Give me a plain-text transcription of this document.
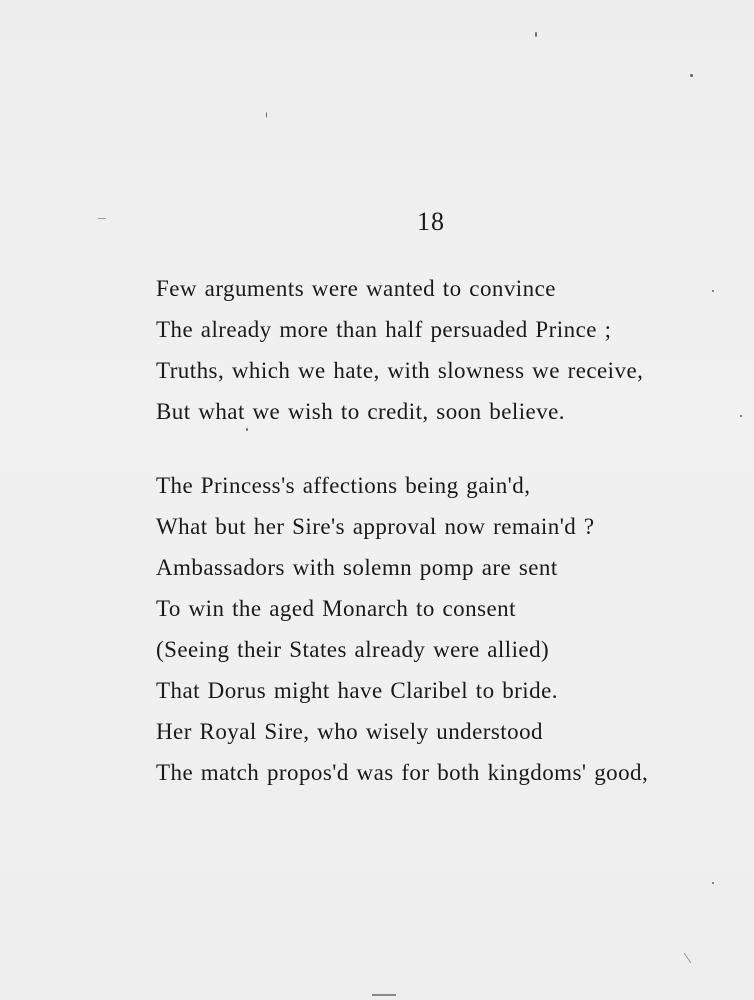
18
Few arguments were wanted to convince
The already more than half persuaded Prince ;
Truths, which we hate, with slowness we receive,
But what we wish to credit, soon believe.
The Princess's affections being gain'd,
What but her Sire's approval now remain'd ?
Ambassadors with solemn pomp are sent
To win the aged Monarch to consent
(Seeing their States already were allied)
That Dorus might have Claribel to bride.
Her Royal Sire, who wisely understood
The match propos'd was for both kingdoms' good,
